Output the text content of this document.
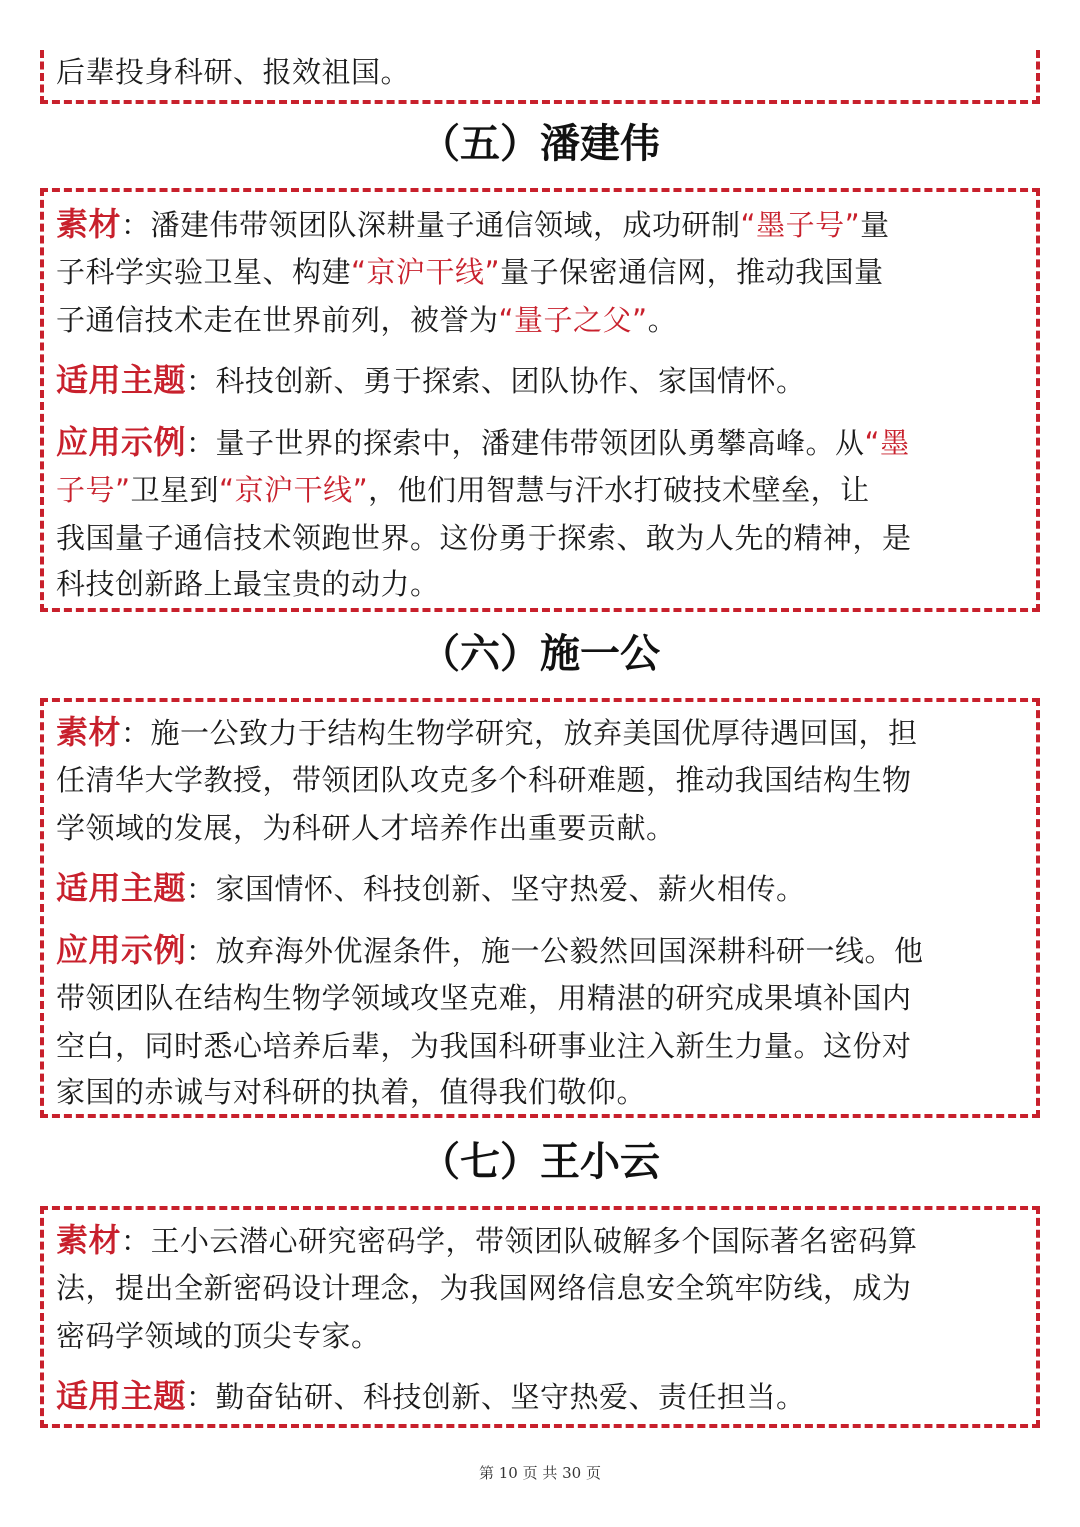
后辈投身科研、报效祖国。
（五）潘建伟
素材：潘建伟带领团队深耕量子通信领域，成功研制“墨子号”量
子科学实验卫星、构建“京沪干线”量子保密通信网，推动我国量
子通信技术走在世界前列，被誉为“量子之父”。
适用主题：科技创新、勇于探索、团队协作、家国情怀。
应用示例：量子世界的探索中，潘建伟带领团队勇攀高峰。从“墨
子号”卫星到“京沪干线”，他们用智慧与汗水打破技术壁垒，让
我国量子通信技术领跑世界。这份勇于探索、敢为人先的精神，是
科技创新路上最宝贵的动力。
（六）施一公
素材：施一公致力于结构生物学研究，放弃美国优厚待遇回国，担
任清华大学教授，带领团队攻克多个科研难题，推动我国结构生物
学领域的发展，为科研人才培养作出重要贡献。
适用主题：家国情怀、科技创新、坚守热爱、薪火相传。
应用示例：放弃海外优渥条件，施一公毅然回国深耕科研一线。他
带领团队在结构生物学领域攻坚克难，用精湛的研究成果填补国内
空白，同时悉心培养后辈，为我国科研事业注入新生力量。这份对
家国的赤诚与对科研的执着，值得我们敬仰。
（七）王小云
素材：王小云潜心研究密码学，带领团队破解多个国际著名密码算
法，提出全新密码设计理念，为我国网络信息安全筑牢防线，成为
密码学领域的顶尖专家。
适用主题：勤奋钻研、科技创新、坚守热爱、责任担当。
第 10 页 共 30 页
